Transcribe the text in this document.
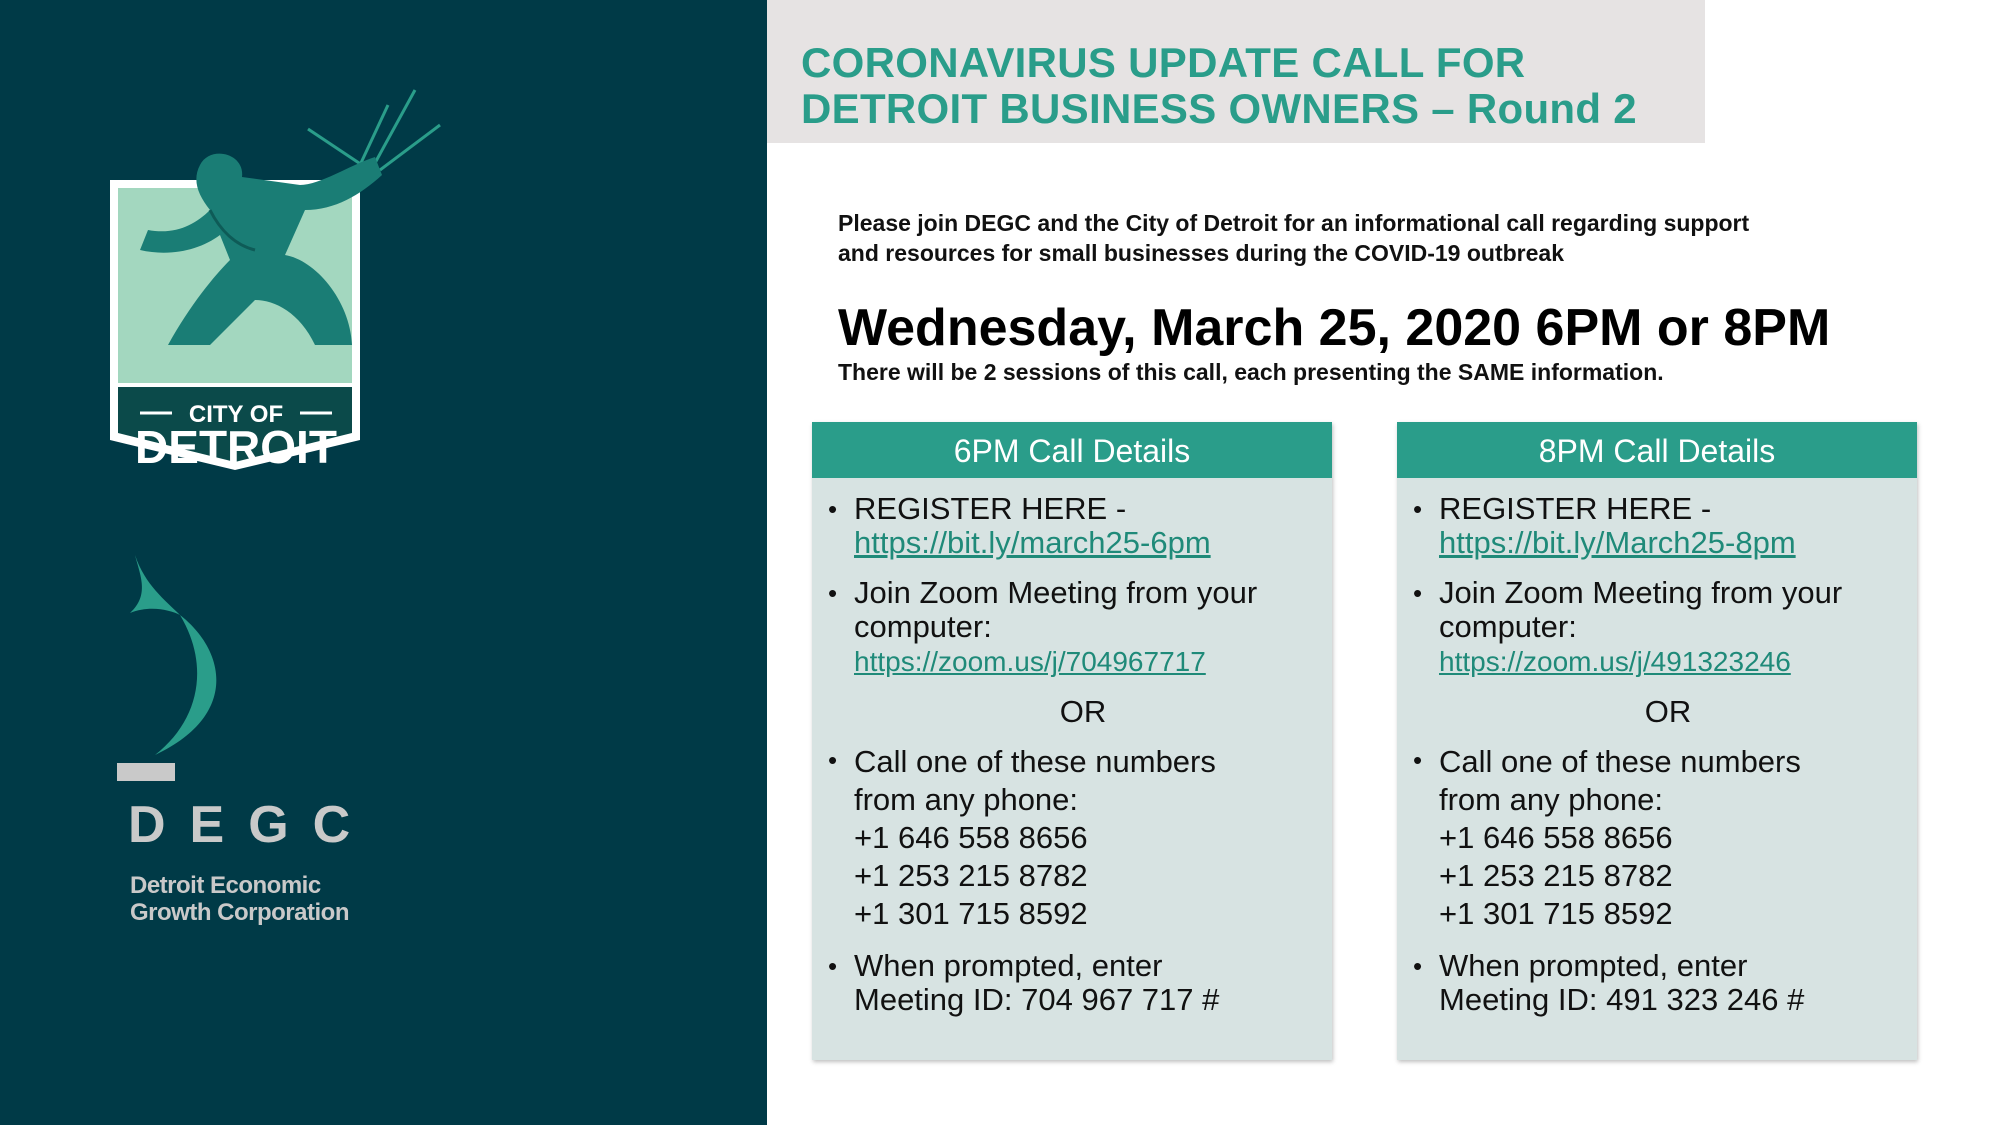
CITY OF
DETROIT

DEGC

Detroit Economic
Growth Corporation

CORONAVIRUS UPDATE CALL FOR
DETROIT BUSINESS OWNERS – Round 2

Please join DEGC and the City of Detroit for an informational call regarding support
and resources for small businesses during the COVID-19 outbreak

Wednesday, March 25, 2020 6PM or 8PM

There will be 2 sessions of this call, each presenting the SAME information.

6PM Call Details
• REGISTER HERE -
https://bit.ly/march25-6pm
• Join Zoom Meeting from your
computer:
https://zoom.us/j/704967717
OR
• Call one of these numbers
from any phone:
+1 646 558 8656
+1 253 215 8782
+1 301 715 8592
• When prompted, enter
Meeting ID: 704 967 717 #
8PM Call Details
• REGISTER HERE -
https://bit.ly/March25-8pm
• Join Zoom Meeting from your
computer:
https://zoom.us/j/491323246
OR
• Call one of these numbers
from any phone:
+1 646 558 8656
+1 253 215 8782
+1 301 715 8592
• When prompted, enter
Meeting ID: 491 323 246 #
